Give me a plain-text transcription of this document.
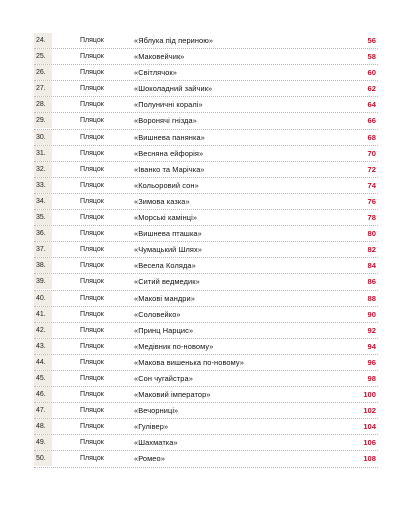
24.	Пляцок	«Яблука під периною»	56
25.	Пляцок	«Маковейчик»	58
26.	Пляцок	«Світлячок»	60
27.	Пляцок	«Шоколадний зайчик»	62
28.	Пляцок	«Полуничні коралі»	64
29.	Пляцок	«Воронячі гнізда»	66
30.	Пляцок	«Вишнева панянка»	68
31.	Пляцок	«Весняна ейфорія»	70
32.	Пляцок	«Іванко та Марічка»	72
33.	Пляцок	«Кольоровий сон»	74
34.	Пляцок	«Зимова казка»	76
35.	Пляцок	«Морські камінці»	78
36.	Пляцок	«Вишнева пташка»	80
37.	Пляцок	«Чумацький Шлях»	82
38.	Пляцок	«Весела Коляда»	84
39.	Пляцок	«Ситий ведмедик»	86
40.	Пляцок	«Макові мандри»	88
41.	Пляцок	«Соловейко»	90
42.	Пляцок	«Принц Нарцис»	92
43.	Пляцок	«Медівник по-новому»	94
44.	Пляцок	«Макова вишенька по-новому»	96
45.	Пляцок	«Сон чугайстра»	98
46.	Пляцок	«Маковий імператор»	100
47.	Пляцок	«Вечорниці»	102
48.	Пляцок	«Гулівер»	104
49.	Пляцок	«Шахматка»	106
50.	Пляцок	«Ромео»	108
